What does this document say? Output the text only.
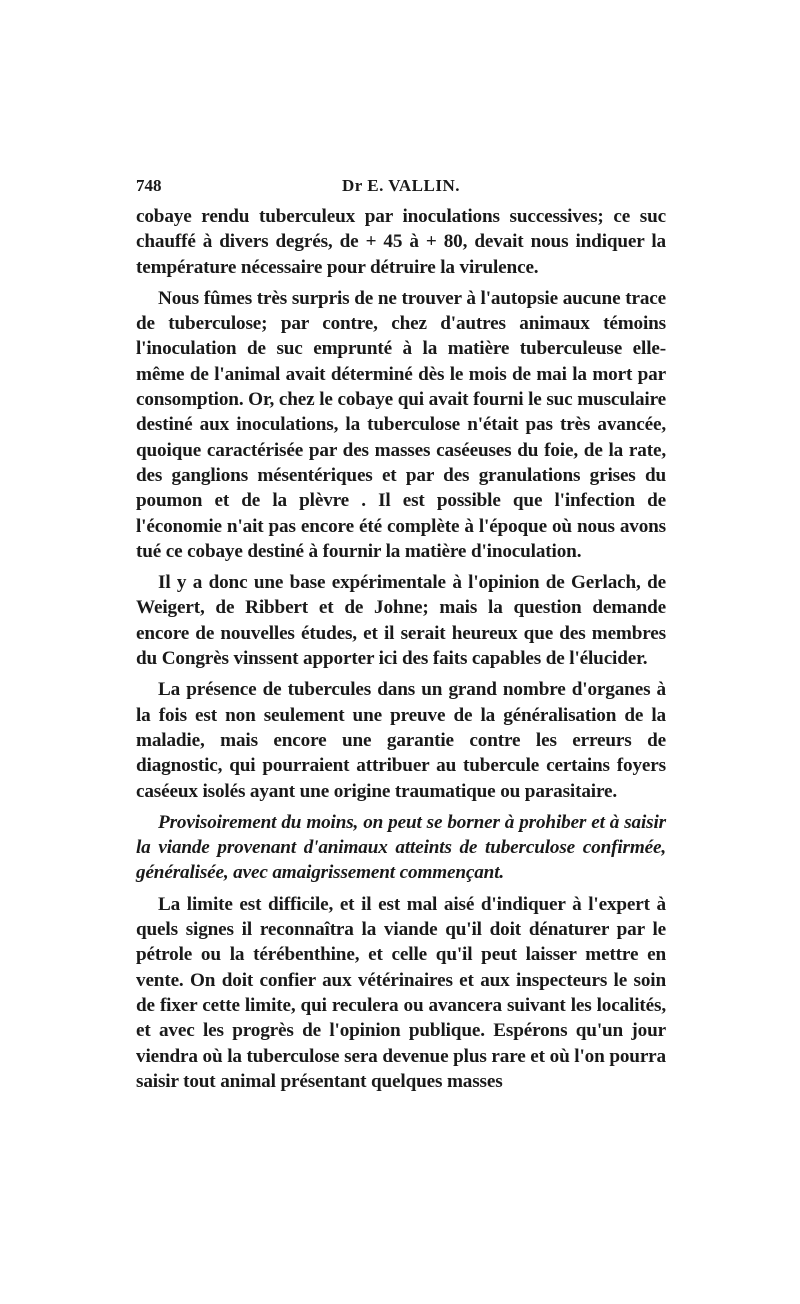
748	Dr E. VALLIN.

cobaye rendu tuberculeux par inoculations successives; ce suc chauffé à divers degrés, de + 45 à + 80, devait nous indiquer la température nécessaire pour détruire la virulence.

Nous fûmes très surpris de ne trouver à l'autopsie aucune trace de tuberculose; par contre, chez d'autres animaux témoins l'inoculation de suc emprunté à la matière tuberculeuse elle-même de l'animal avait déterminé dès le mois de mai la mort par consomption. Or, chez le cobaye qui avait fourni le suc musculaire destiné aux inoculations, la tuberculose n'était pas très avancée, quoique caractérisée par des masses caséeuses du foie, de la rate, des ganglions mésentériques et par des granulations grises du poumon et de la plèvre . Il est possible que l'infection de l'économie n'ait pas encore été complète à l'époque où nous avons tué ce cobaye destiné à fournir la matière d'inoculation.

Il y a donc une base expérimentale à l'opinion de Gerlach, de Weigert, de Ribbert et de Johne; mais la question demande encore de nouvelles études, et il serait heureux que des membres du Congrès vinssent apporter ici des faits capables de l'élucider.

La présence de tubercules dans un grand nombre d'organes à la fois est non seulement une preuve de la généralisation de la maladie, mais encore une garantie contre les erreurs de diagnostic, qui pourraient attribuer au tubercule certains foyers caséeux isolés ayant une origine traumatique ou parasitaire.

Provisoirement du moins, on peut se borner à prohiber et à saisir la viande provenant d'animaux atteints de tuberculose confirmée, généralisée, avec amaigrissement commençant.

La limite est difficile, et il est mal aisé d'indiquer à l'expert à quels signes il reconnaîtra la viande qu'il doit dénaturer par le pétrole ou la térébenthine, et celle qu'il peut laisser mettre en vente. On doit confier aux vétérinaires et aux inspecteurs le soin de fixer cette limite, qui reculera ou avancera suivant les localités, et avec les progrès de l'opinion publique. Espérons qu'un jour viendra où la tuberculose sera devenue plus rare et où l'on pourra saisir tout animal présentant quelques masses
